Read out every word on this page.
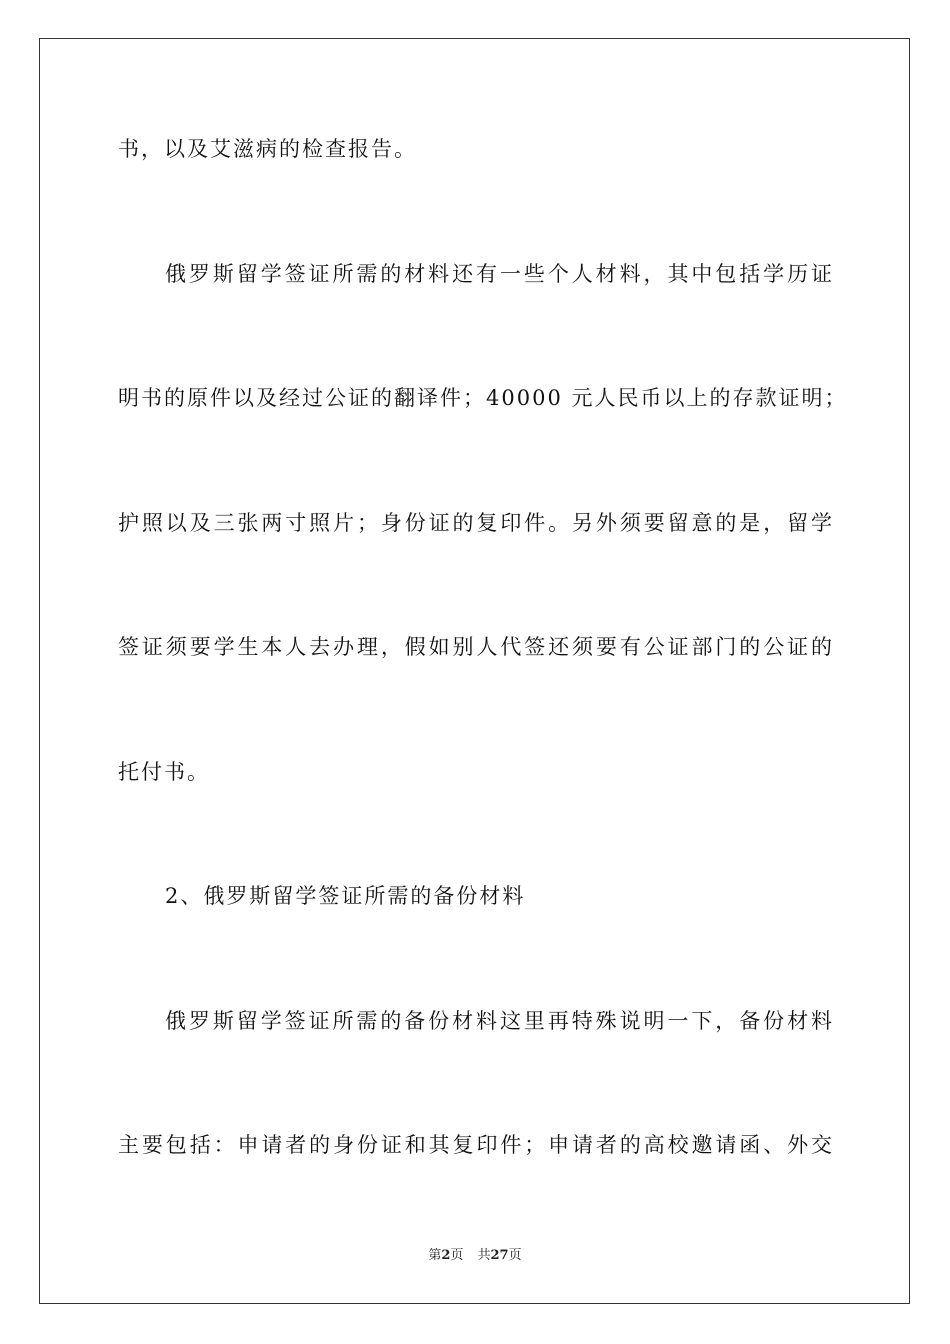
书，以及艾滋病的检查报告。
俄罗斯留学签证所需的材料还有一些个人材料，其中包括学历证
明书的原件以及经过公证的翻译件；40000 元人民币以上的存款证明；
护照以及三张两寸照片；身份证的复印件。另外须要留意的是，留学
签证须要学生本人去办理，假如别人代签还须要有公证部门的公证的
托付书。
2、俄罗斯留学签证所需的备份材料
俄罗斯留学签证所需的备份材料这里再特殊说明一下，备份材料
主要包括：申请者的身份证和其复印件；申请者的高校邀请函、外交
第2页 共27页
